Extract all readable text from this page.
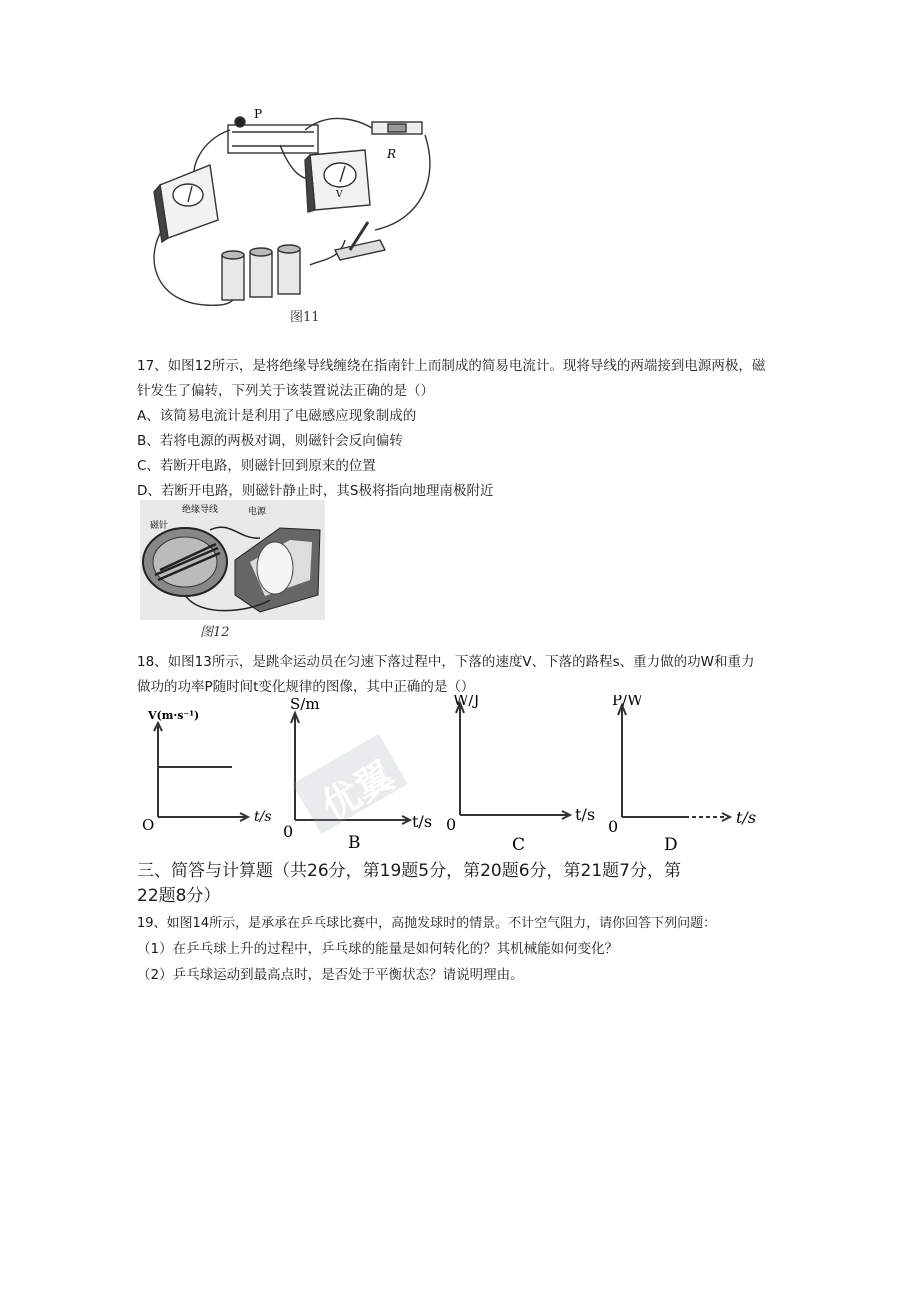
P
R
V
图11
17、如图12所示，是将绝缘导线缠绕在指南针上而制成的简易电流计。现将导线的两端接到电源两极，磁
针发生了偏转，下列关于该装置说法正确的是（）
A、该简易电流计是利用了电磁感应现象制成的
B、若将电源的两极对调，则磁针会反向偏转
C、若断开电路，则磁针回到原来的位置
D、若断开电路，则磁针静止时，其S极将指向地理南极附近
磁针
绝缘导线	电源
图12
18、如图13所示，是跳伞运动员在匀速下落过程中，下落的速度V、下落的路程s、重力做的功W和重力
做功的功率P随时间t变化规律的图像，其中正确的是（）
优翼
V(m·s⁻¹)
t/s
O
S/m
t/s
0
B
W/J
t/s
0
C
P/W
t/s
0
D
三、简答与计算题（共26分，第19题5分，第20题6分，第21题7分，第
22题8分）
19、如图14所示，是承承在乒乓球比赛中，高抛发球时的情景。不计空气阻力，请你回答下列问题：
（1）在乒乓球上升的过程中，乒乓球的能量是如何转化的？其机械能如何变化？
（2）乒乓球运动到最高点时，是否处于平衡状态？请说明理由。
